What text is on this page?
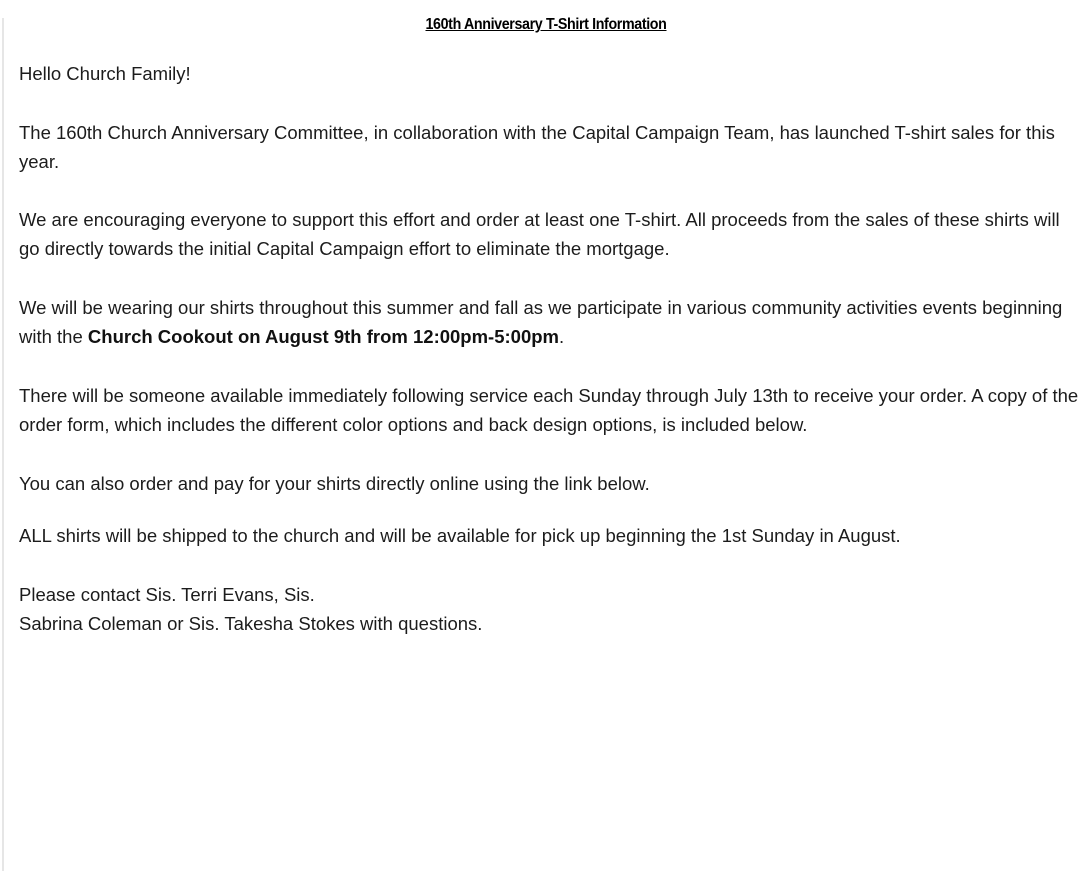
160th Anniversary T-Shirt Information

Hello Church Family!

The 160th Church Anniversary Committee, in collaboration with the Capital Campaign Team, has launched T-shirt sales for this year.

We are encouraging everyone to support this effort and order at least one T-shirt. All proceeds from the sales of these shirts will go directly towards the initial Capital Campaign effort to eliminate the mortgage.

We will be wearing our shirts throughout this summer and fall as we participate in various community activities events beginning with the Church Cookout on August 9th from 12:00pm-5:00pm.

There will be someone available immediately following service each Sunday through July 13th to receive your order. A copy of the order form, which includes the different color options and back design options, is included below.

You can also order and pay for your shirts directly online using the link below.

ALL shirts will be shipped to the church and will be available for pick up beginning the 1st Sunday in August.

Please contact Sis. Terri Evans, Sis.
Sabrina Coleman or Sis. Takesha Stokes with questions.
